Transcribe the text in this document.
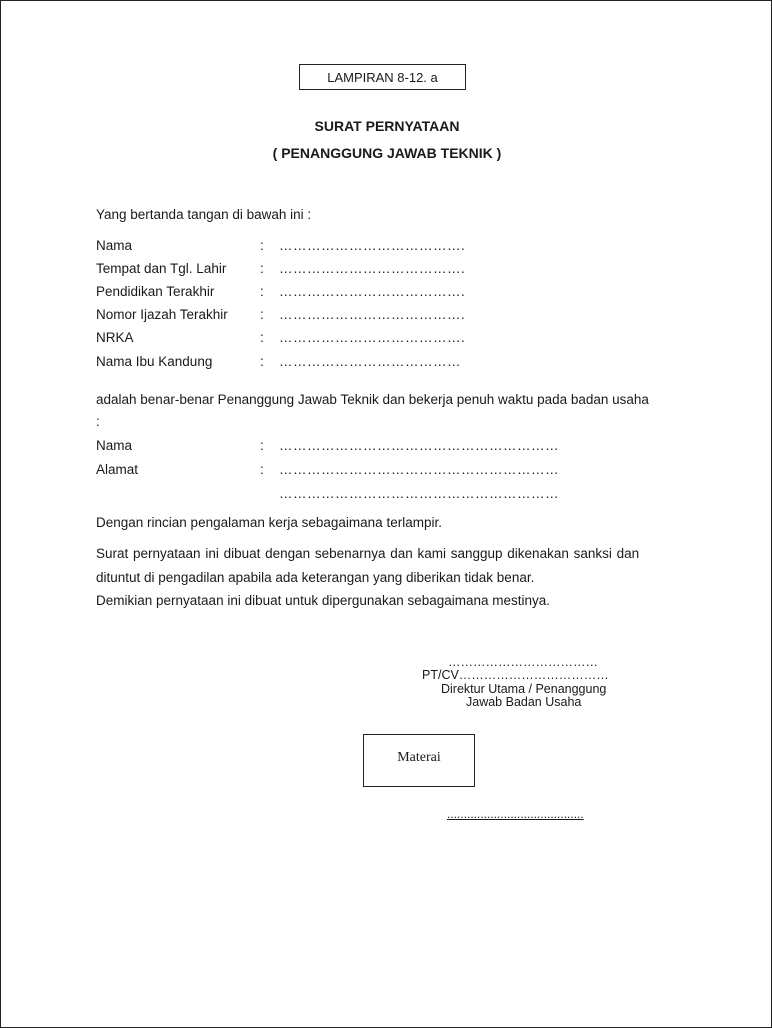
LAMPIRAN 8-12. a
SURAT PERNYATAAN
( PENANGGUNG JAWAB TEKNIK )
Yang bertanda tangan di bawah ini :
Nama	: ………………………………….
Tempat dan Tgl. Lahir : ………………………………….
Pendidikan Terakhir	: ………………………………….
Nomor Ijazah Terakhir : ………………………………….
NRKA	: ………………………………….
Nama Ibu Kandung	: …………………………………
adalah benar-benar Penanggung Jawab Teknik dan bekerja penuh waktu pada badan usaha
:
Nama	: ……………………………………………………
Alamat	: ……………………………………………………
……………………………………………………
Dengan rincian pengalaman kerja sebagaimana terlampir.
Surat pernyataan ini dibuat dengan sebenarnya dan kami sanggup dikenakan sanksi dan
dituntut di pengadilan apabila ada keterangan yang diberikan tidak benar.
Demikian pernyataan ini dibuat untuk dipergunakan sebagaimana mestinya.
………………………………
PT/CV………………………………
Direktur Utama / Penanggung
Jawab Badan Usaha
Materai
.........................................
